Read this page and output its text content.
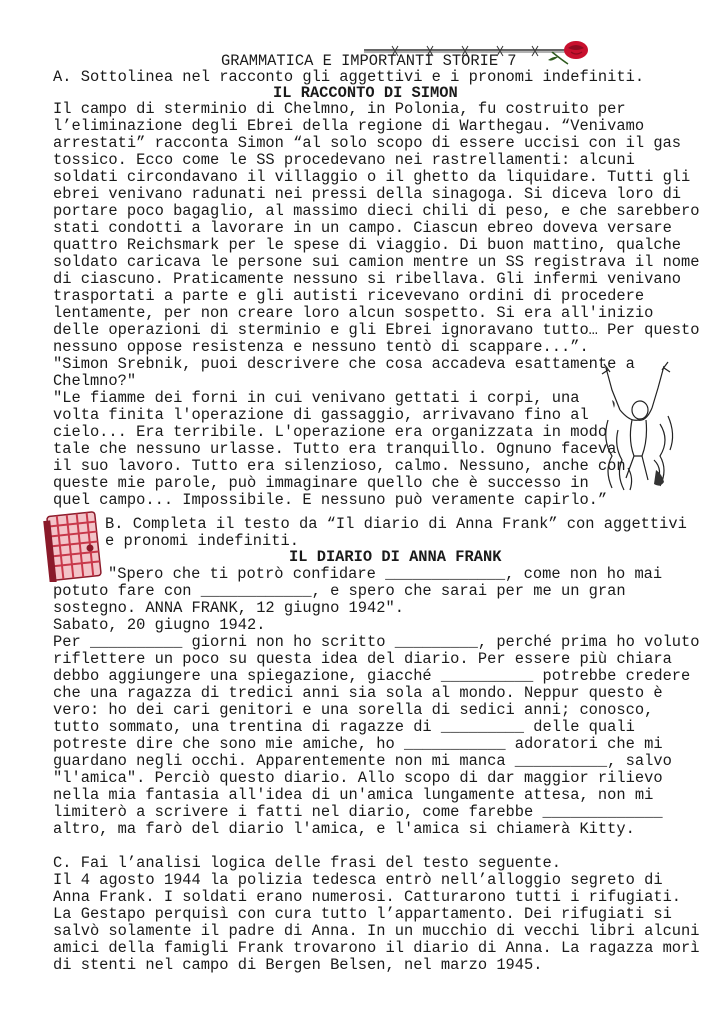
GRAMMATICA E IMPORTANTI STORIE 7
A. Sottolinea nel racconto gli aggettivi e i pronomi indefiniti.
IL RACCONTO DI SIMON
Il campo di sterminio di Chelmno, in Polonia, fu costruito per
l’eliminazione degli Ebrei della regione di Warthegau. “Venivamo
arrestati” racconta Simon “al solo scopo di essere uccisi con il gas
tossico. Ecco come le SS procedevano nei rastrellamenti: alcuni
soldati circondavano il villaggio o il ghetto da liquidare. Tutti gli
ebrei venivano radunati nei pressi della sinagoga. Si diceva loro di
portare poco bagaglio, al massimo dieci chili di peso, e che sarebbero
stati condotti a lavorare in un campo. Ciascun ebreo doveva versare
quattro Reichsmark per le spese di viaggio. Di buon mattino, qualche
soldato caricava le persone sui camion mentre un SS registrava il nome
di ciascuno. Praticamente nessuno si ribellava. Gli infermi venivano
trasportati a parte e gli autisti ricevevano ordini di procedere
lentamente, per non creare loro alcun sospetto. Si era all'inizio
delle operazioni di sterminio e gli Ebrei ignoravano tutto… Per questo
nessuno oppose resistenza e nessuno tentò di scappare...”.
"Simon Srebnik, puoi descrivere che cosa accadeva esattamente a
Chelmno?"
"Le fiamme dei forni in cui venivano gettati i corpi, una
volta finita l'operazione di gassaggio, arrivavano fino al
cielo... Era terribile. L'operazione era organizzata in modo
tale che nessuno urlasse. Tutto era tranquillo. Ognuno faceva
il suo lavoro. Tutto era silenzioso, calmo. Nessuno, anche con
queste mie parole, può immaginare quello che è successo in
quel campo... Impossibile. E nessuno può veramente capirlo.”
B. Completa il testo da “Il diario di Anna Frank” con aggettivi
e pronomi indefiniti.
IL DIARIO DI ANNA FRANK
"Spero che ti potrò confidare _____________, come non ho mai
potuto fare con ____________, e spero che sarai per me un gran
sostegno. ANNA FRANK, 12 giugno 1942".
Sabato, 20 giugno 1942.
Per __________ giorni non ho scritto _________, perché prima ho voluto
riflettere un poco su questa idea del diario. Per essere più chiara
debbo aggiungere una spiegazione, giacché __________ potrebbe credere
che una ragazza di tredici anni sia sola al mondo. Neppur questo è
vero: ho dei cari genitori e una sorella di sedici anni; conosco,
tutto sommato, una trentina di ragazze di _________ delle quali
potreste dire che sono mie amiche, ho ___________ adoratori che mi
guardano negli occhi. Apparentemente non mi manca __________, salvo
"l'amica". Perciò questo diario. Allo scopo di dar maggior rilievo
nella mia fantasia all'idea di un'amica lungamente attesa, non mi
limiterò a scrivere i fatti nel diario, come farebbe _____________
altro, ma farò del diario l'amica, e l'amica si chiamerà Kitty.
C. Fai l’analisi logica delle frasi del testo seguente.
Il 4 agosto 1944 la polizia tedesca entrò nell’alloggio segreto di
Anna Frank. I soldati erano numerosi. Catturarono tutti i rifugiati.
La Gestapo perquisì con cura tutto l’appartamento. Dei rifugiati si
salvò solamente il padre di Anna. In un mucchio di vecchi libri alcuni
amici della famigli Frank trovarono il diario di Anna. La ragazza morì
di stenti nel campo di Bergen Belsen, nel marzo 1945.
